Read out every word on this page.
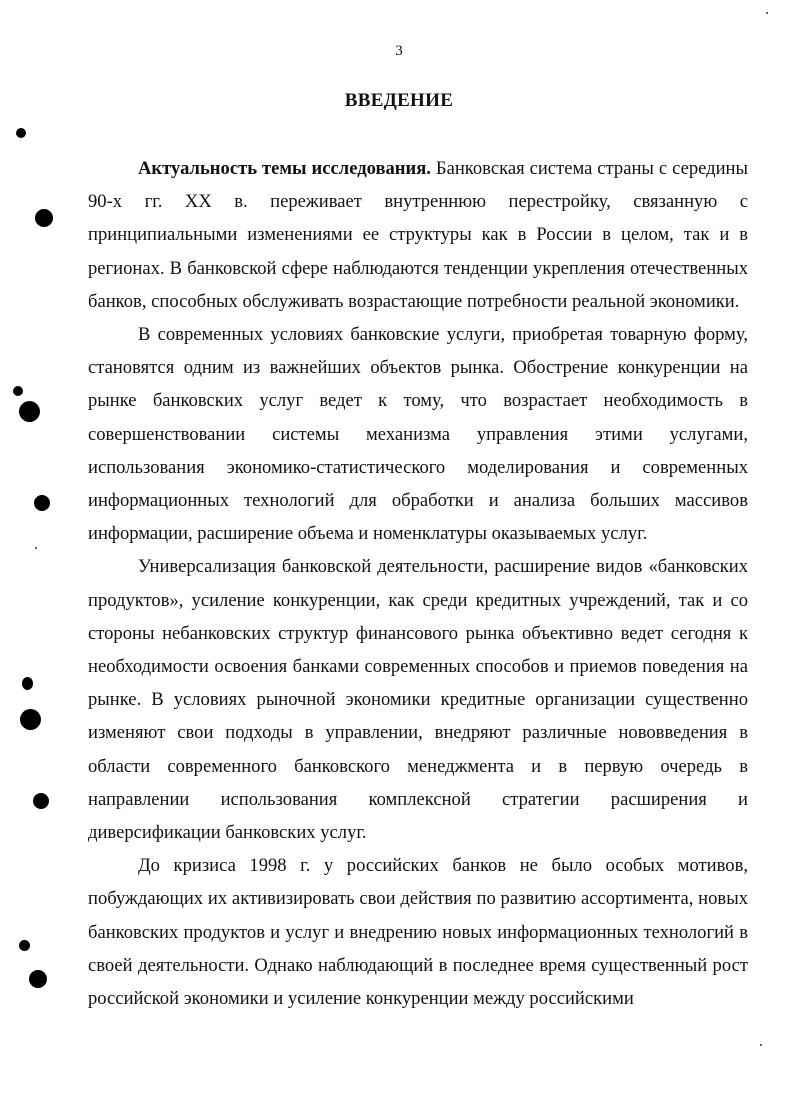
3
ВВЕДЕНИЕ

Актуальность темы исследования. Банковская система страны с середины 90-х гг. XX в. переживает внутреннюю перестройку, связанную с принципиальными изменениями ее структуры как в России в целом, так и в регионах. В банковской сфере наблюдаются тенденции укрепления отечественных банков, способных обслуживать возрастающие потребности реальной экономики.

В современных условиях банковские услуги, приобретая товарную форму, становятся одним из важнейших объектов рынка. Обострение конкуренции на рынке банковских услуг ведет к тому, что возрастает необходимость в совершенствовании системы механизма управления этими услугами, использования экономико-статистического моделирования и современных информационных технологий для обработки и анализа больших массивов информации, расширение объема и номенклатуры оказываемых услуг.

Универсализация банковской деятельности, расширение видов «банковских продуктов», усиление конкуренции, как среди кредитных учреждений, так и со стороны небанковских структур финансового рынка объективно ведет сегодня к необходимости освоения банками современных способов и приемов поведения на рынке. В условиях рыночной экономики кредитные организации существенно изменяют свои подходы в управлении, внедряют различные нововведения в области современного банковского менеджмента и в первую очередь в направлении использования комплексной стратегии расширения и диверсификации банковских услуг.

До кризиса 1998 г. у российских банков не было особых мотивов, побуждающих их активизировать свои действия по развитию ассортимента, новых банковских продуктов и услуг и внедрению новых информационных технологий в своей деятельности. Однако наблюдающий в последнее время существенный рост российской экономики и усиление конкуренции между российскими
